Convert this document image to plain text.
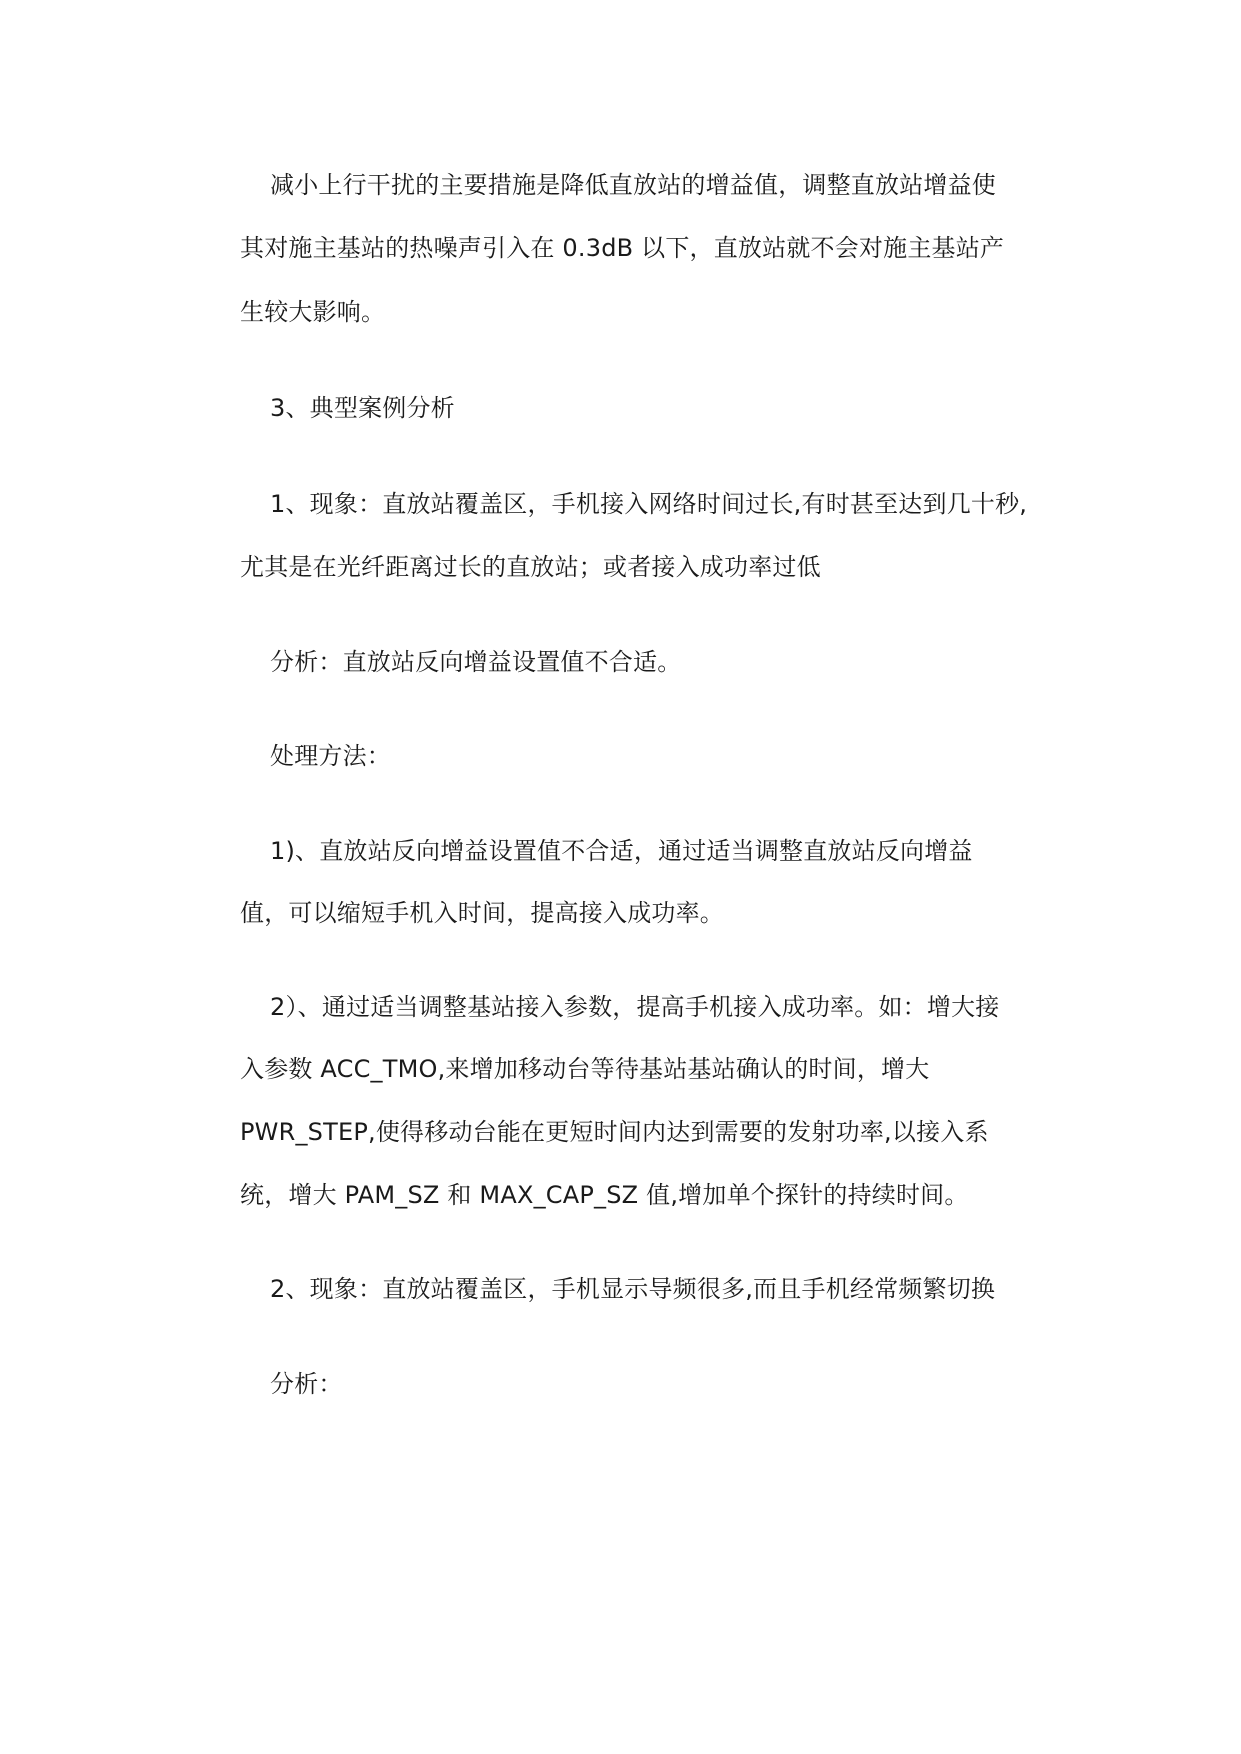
减小上行干扰的主要措施是降低直放站的增益值，调整直放站增益使
其对施主基站的热噪声引入在 0.3dB 以下，直放站就不会对施主基站产
生较大影响。
3、典型案例分析
1、现象：直放站覆盖区，手机接入网络时间过长,有时甚至达到几十秒,
尤其是在光纤距离过长的直放站；或者接入成功率过低
分析：直放站反向增益设置值不合适。
处理方法：
1)、直放站反向增益设置值不合适，通过适当调整直放站反向增益
值，可以缩短手机入时间，提高接入成功率。
2）、通过适当调整基站接入参数，提高手机接入成功率。如：增大接
入参数 ACC_TMO,来增加移动台等待基站基站确认的时间，增大
PWR_STEP,使得移动台能在更短时间内达到需要的发射功率,以接入系
统，增大 PAM_SZ 和 MAX_CAP_SZ 值,增加单个探针的持续时间。
2、现象：直放站覆盖区，手机显示导频很多,而且手机经常频繁切换
分析：
